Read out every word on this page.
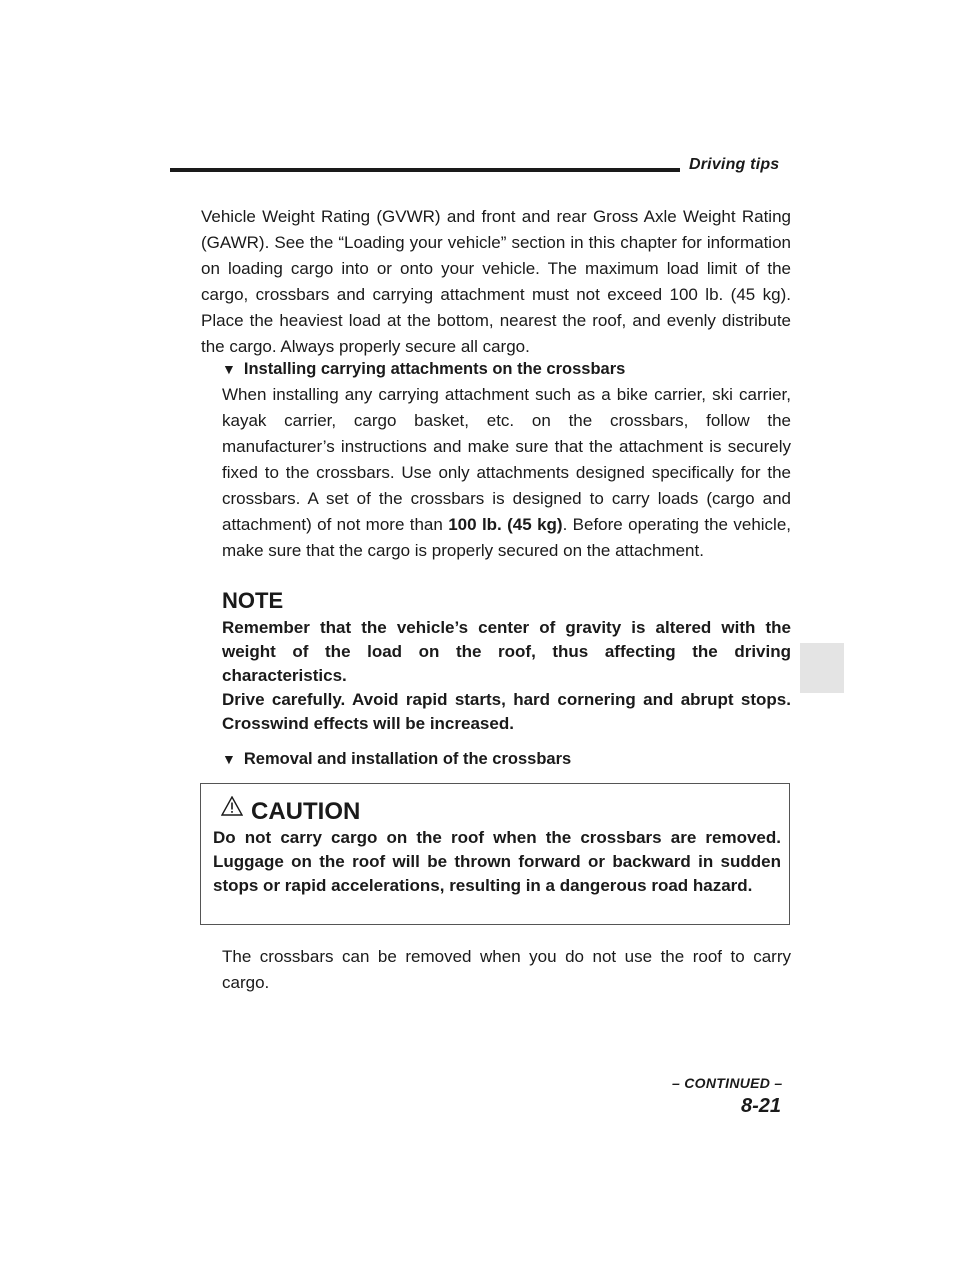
Driving tips

Vehicle Weight Rating (GVWR) and front and rear Gross Axle Weight Rating (GAWR). See the “Loading your vehicle” section in this chapter for information on loading cargo into or onto your vehicle. The maximum load limit of the cargo, crossbars and carrying attachment must not exceed 100 lb. (45 kg). Place the heaviest load at the bottom, nearest the roof, and evenly distribute the cargo. Always properly secure all cargo.

▼ Installing carrying attachments on the crossbars

When installing any carrying attachment such as a bike carrier, ski carrier, kayak carrier, cargo basket, etc. on the crossbars, follow the manufacturer’s instructions and make sure that the attachment is securely fixed to the crossbars. Use only attachments designed specifically for the crossbars. A set of the crossbars is designed to carry loads (cargo and attachment) of not more than 100 lb. (45 kg). Before operating the vehicle, make sure that the cargo is properly secured on the attachment.

NOTE

Remember that the vehicle’s center of gravity is altered with the weight of the load on the roof, thus affecting the driving characteristics.

Drive carefully. Avoid rapid starts, hard cornering and abrupt stops. Crosswind effects will be increased.

▼ Removal and installation of the crossbars

CAUTION

Do not carry cargo on the roof when the crossbars are removed. Luggage on the roof will be thrown forward or backward in sudden stops or rapid accelerations, resulting in a dangerous road hazard.

The crossbars can be removed when you do not use the roof to carry cargo.

– CONTINUED –
8-21
